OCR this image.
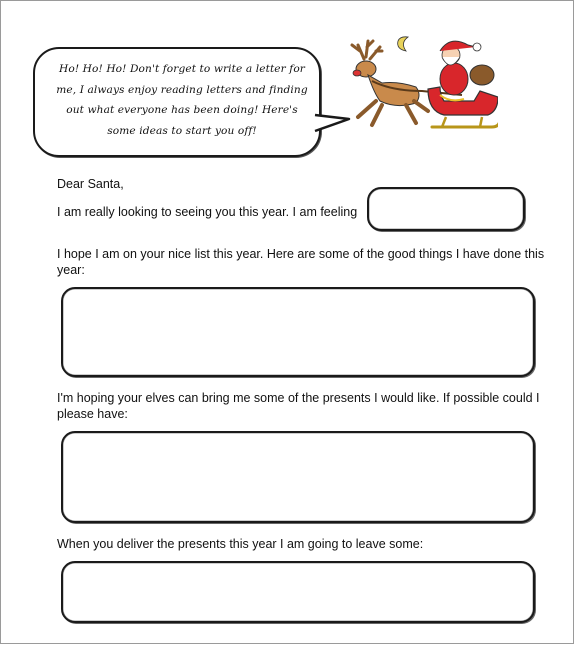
Ho! Ho! Ho! Don't forget to write a letter for me, I always enjoy reading letters and finding out what everyone has been doing! Here's some ideas to start you off!
Dear Santa,
I am really looking to seeing you this year. I am feeling
I hope I am on your nice list this year. Here are some of the good things I have done this
year:
I'm hoping your elves can bring me some of the presents I would like. If possible could I
please have:
When you deliver the presents this year I am going to leave some:
